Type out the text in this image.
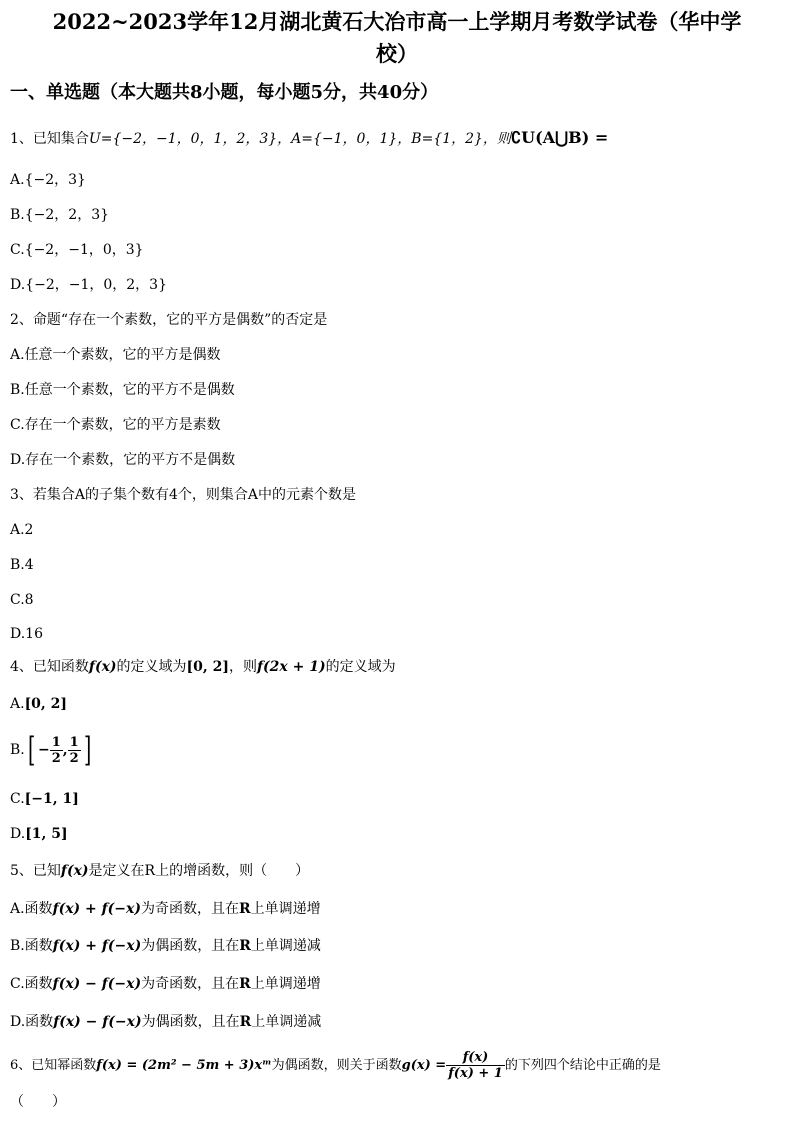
2022~2023学年12月湖北黄石大冶市高一上学期月考数学试卷（华中学
校）
一、单选题（本大题共8小题，每小题5分，共40分）
1、已知集合U={−2，−1，0，1，2，3}，A={−1，0，1}，B={1，2}，则∁U(A⋃B) =
A.{−2，3}
B.{−2，2，3}
C.{−2，−1，0，3}
D.{−2，−1，0，2，3}
2、命题“存在一个素数，它的平方是偶数”的否定是
A.任意一个素数，它的平方是偶数
B.任意一个素数，它的平方不是偶数
C.存在一个素数，它的平方是素数
D.存在一个素数，它的平方不是偶数
3、若集合A的子集个数有4个，则集合A中的元素个数是
A.2
B.4
C.8
D.16
4、已知函数f(x)的定义域为[0, 2]，则f(2x + 1)的定义域为
A.[0, 2]
$B.[ - \frac{1}{2}$ , $\frac{1}{2}$ ]
C.[−1, 1]
D.[1, 5]
5、已知f(x)是定义在R上的增函数，则（　　）
A.函数f(x) + f(−x)为奇函数，且在R上单调递增
B.函数f(x) + f(−x)为偶函数，且在R上单调递减
C.函数f(x) − f(−x)为奇函数，且在R上单调递增
D.函数f(x) − f(−x)为偶函数，且在R上单调递减
6、已知幂函数f(x) = (2m² − 5m + 3)xᵐ为偶函数，则关于函数$g(x) = \frac{f(x)}{f(x) + 1}$ 的下列四个结论中正确的是
（　　）
